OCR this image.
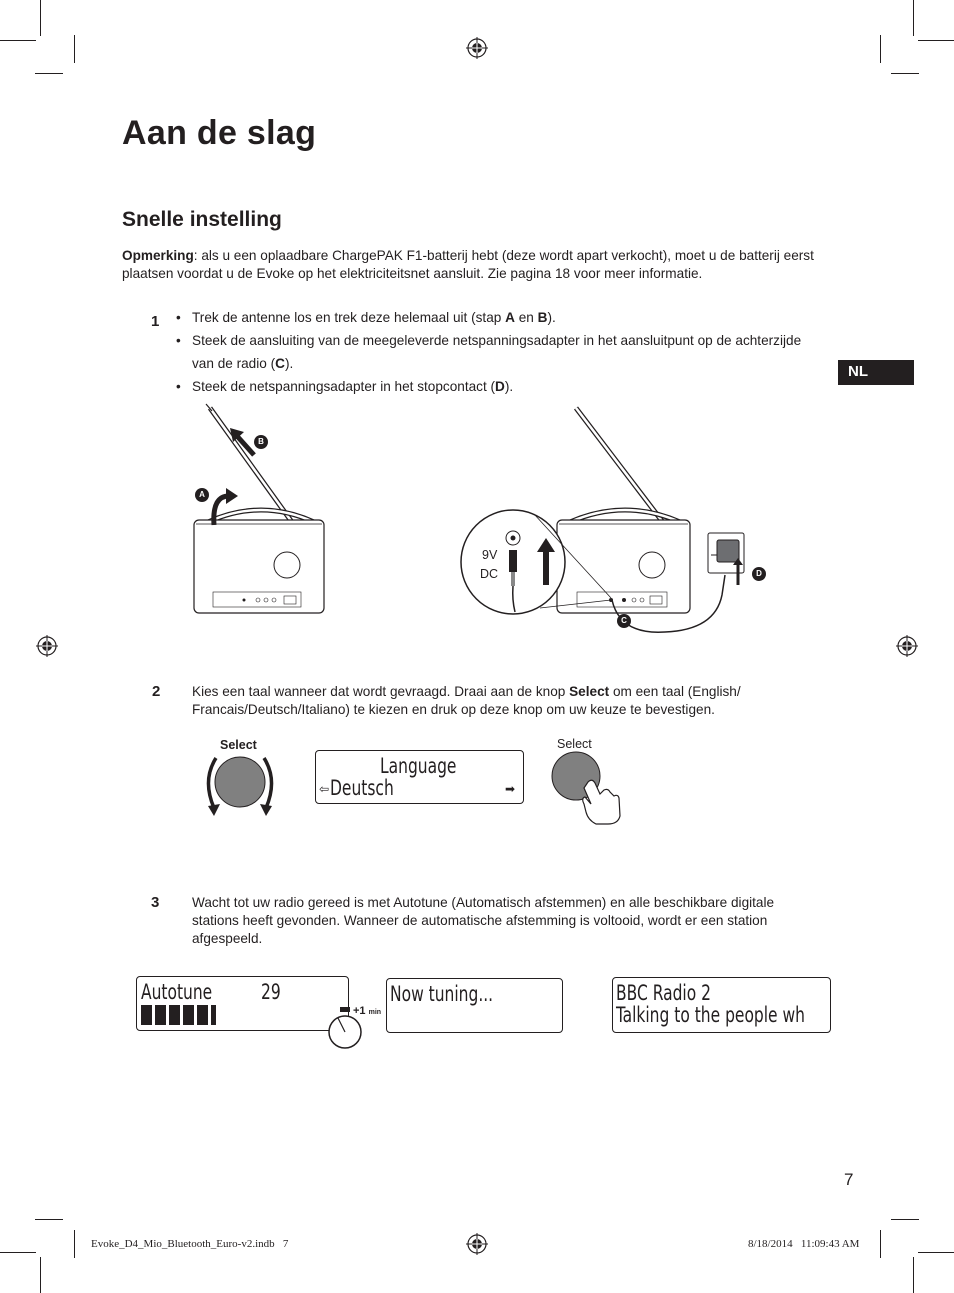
Aan de slag
Snelle instelling
Opmerking: als u een oplaadbare ChargePAK F1-batterij hebt (deze wordt apart verkocht), moet u de batterij eerst plaatsen voordat u de Evoke op het elektriciteitsnet aansluit. Zie pagina 18 voor meer informatie.
NL
1
•	Trek de antenne los en trek deze helemaal uit (stap A en B).
• Steek de aansluiting van de meegeleverde netspanningsadapter in het aansluitpunt op de achterzijde van de radio (C).
• Steek de netspanningsadapter in het stopcontact (D).
B
A
9V
DC
C
D
2 Kies een taal wanneer dat wordt gevraagd. Draai aan de knop Select om een taal (English/ Francais/Deutsch/Italiano) te kiezen en druk op deze knop om uw keuze te bevestigen.
Select
Language
⇦ Deutsch	➡
Select
3 Wacht tot uw radio gereed is met Autotune (Automatisch afstemmen) en alle beschikbare digitale stations heeft gevonden. Wanneer de automatische afstemming is voltooid, wordt er een station afgespeeld.
Autotune 29
+1 min
Now tuning...	BBC Radio 2
Talking to the people wh
7
Evoke_D4_Mio_Bluetooth_Euro-v2.indb   7	8/18/2014   11:09:43 AM
